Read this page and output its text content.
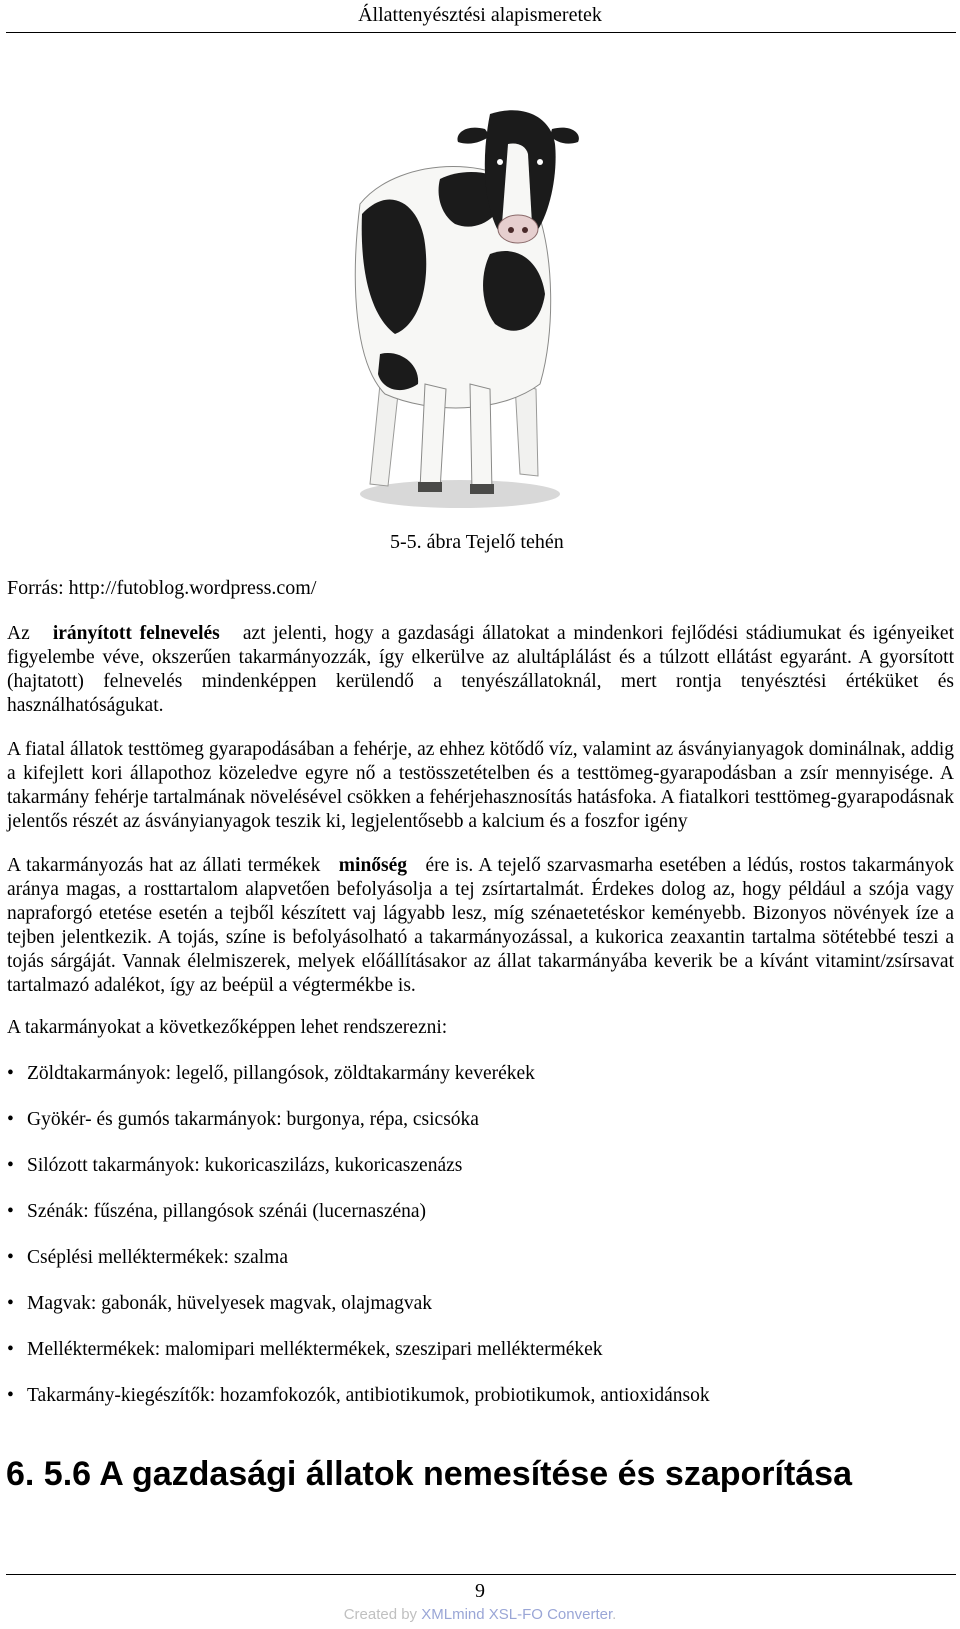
Állattenyésztési alapismeretek
5-5. ábra Tejelő tehén
Forrás: http://futoblog.wordpress.com/

Az irányított felnevelés azt jelenti, hogy a gazdasági állatokat a mindenkori fejlődési stádiumukat és igényeiket figyelembe véve, okszerűen takarmányozzák, így elkerülve az alultáplálást és a túlzott ellátást egyaránt. A gyorsított (hajtatott) felnevelés mindenképpen kerülendő a tenyészállatoknál, mert rontja tenyésztési értéküket és használhatóságukat.

A fiatal állatok testtömeg gyarapodásában a fehérje, az ehhez kötődő víz, valamint az ásványianyagok dominálnak, addig a kifejlett kori állapothoz közeledve egyre nő a testösszetételben és a testtömeg-gyarapodásban a zsír mennyisége. A takarmány fehérje tartalmának növelésével csökken a fehérjehasznosítás hatásfoka. A fiatalkori testtömeg-gyarapodásnak jelentős részét az ásványianyagok teszik ki, legjelentősebb a kalcium és a foszfor igény

A takarmányozás hat az állati termékek minőség ére is. A tejelő szarvasmarha esetében a lédús, rostos takarmányok aránya magas, a rosttartalom alapvetően befolyásolja a tej zsírtartalmát. Érdekes dolog az, hogy például a szója vagy napraforgó etetése esetén a tejből készített vaj lágyabb lesz, míg szénaetetéskor keményebb. Bizonyos növények íze a tejben jelentkezik. A tojás, színe is befolyásolható a takarmányozással, a kukorica zeaxantin tartalma sötétebbé teszi a tojás sárgáját. Vannak élelmiszerek, melyek előállításakor az állat takarmányába keverik be a kívánt vitamint/zsírsavat tartalmazó adalékot, így az beépül a végtermékbe is.

A takarmányokat a következőképpen lehet rendszerezni:

• Zöldtakarmányok: legelő, pillangósok, zöldtakarmány keverékek
• Gyökér- és gumós takarmányok: burgonya, répa, csicsóka
• Silózott takarmányok: kukoricaszilázs, kukoricaszenázs
• Szénák: fűszéna, pillangósok szénái (lucernaszéna)
• Cséplési melléktermékek: szalma
• Magvak: gabonák, hüvelyesek magvak, olajmagvak
• Melléktermékek: malomipari melléktermékek, szeszipari melléktermékek
• Takarmány-kiegészítők: hozamfokozók, antibiotikumok, probiotikumok, antioxidánsok
6. 5.6 A gazdasági állatok nemesítése és szaporítása
9
Created by XMLmind XSL-FO Converter.
